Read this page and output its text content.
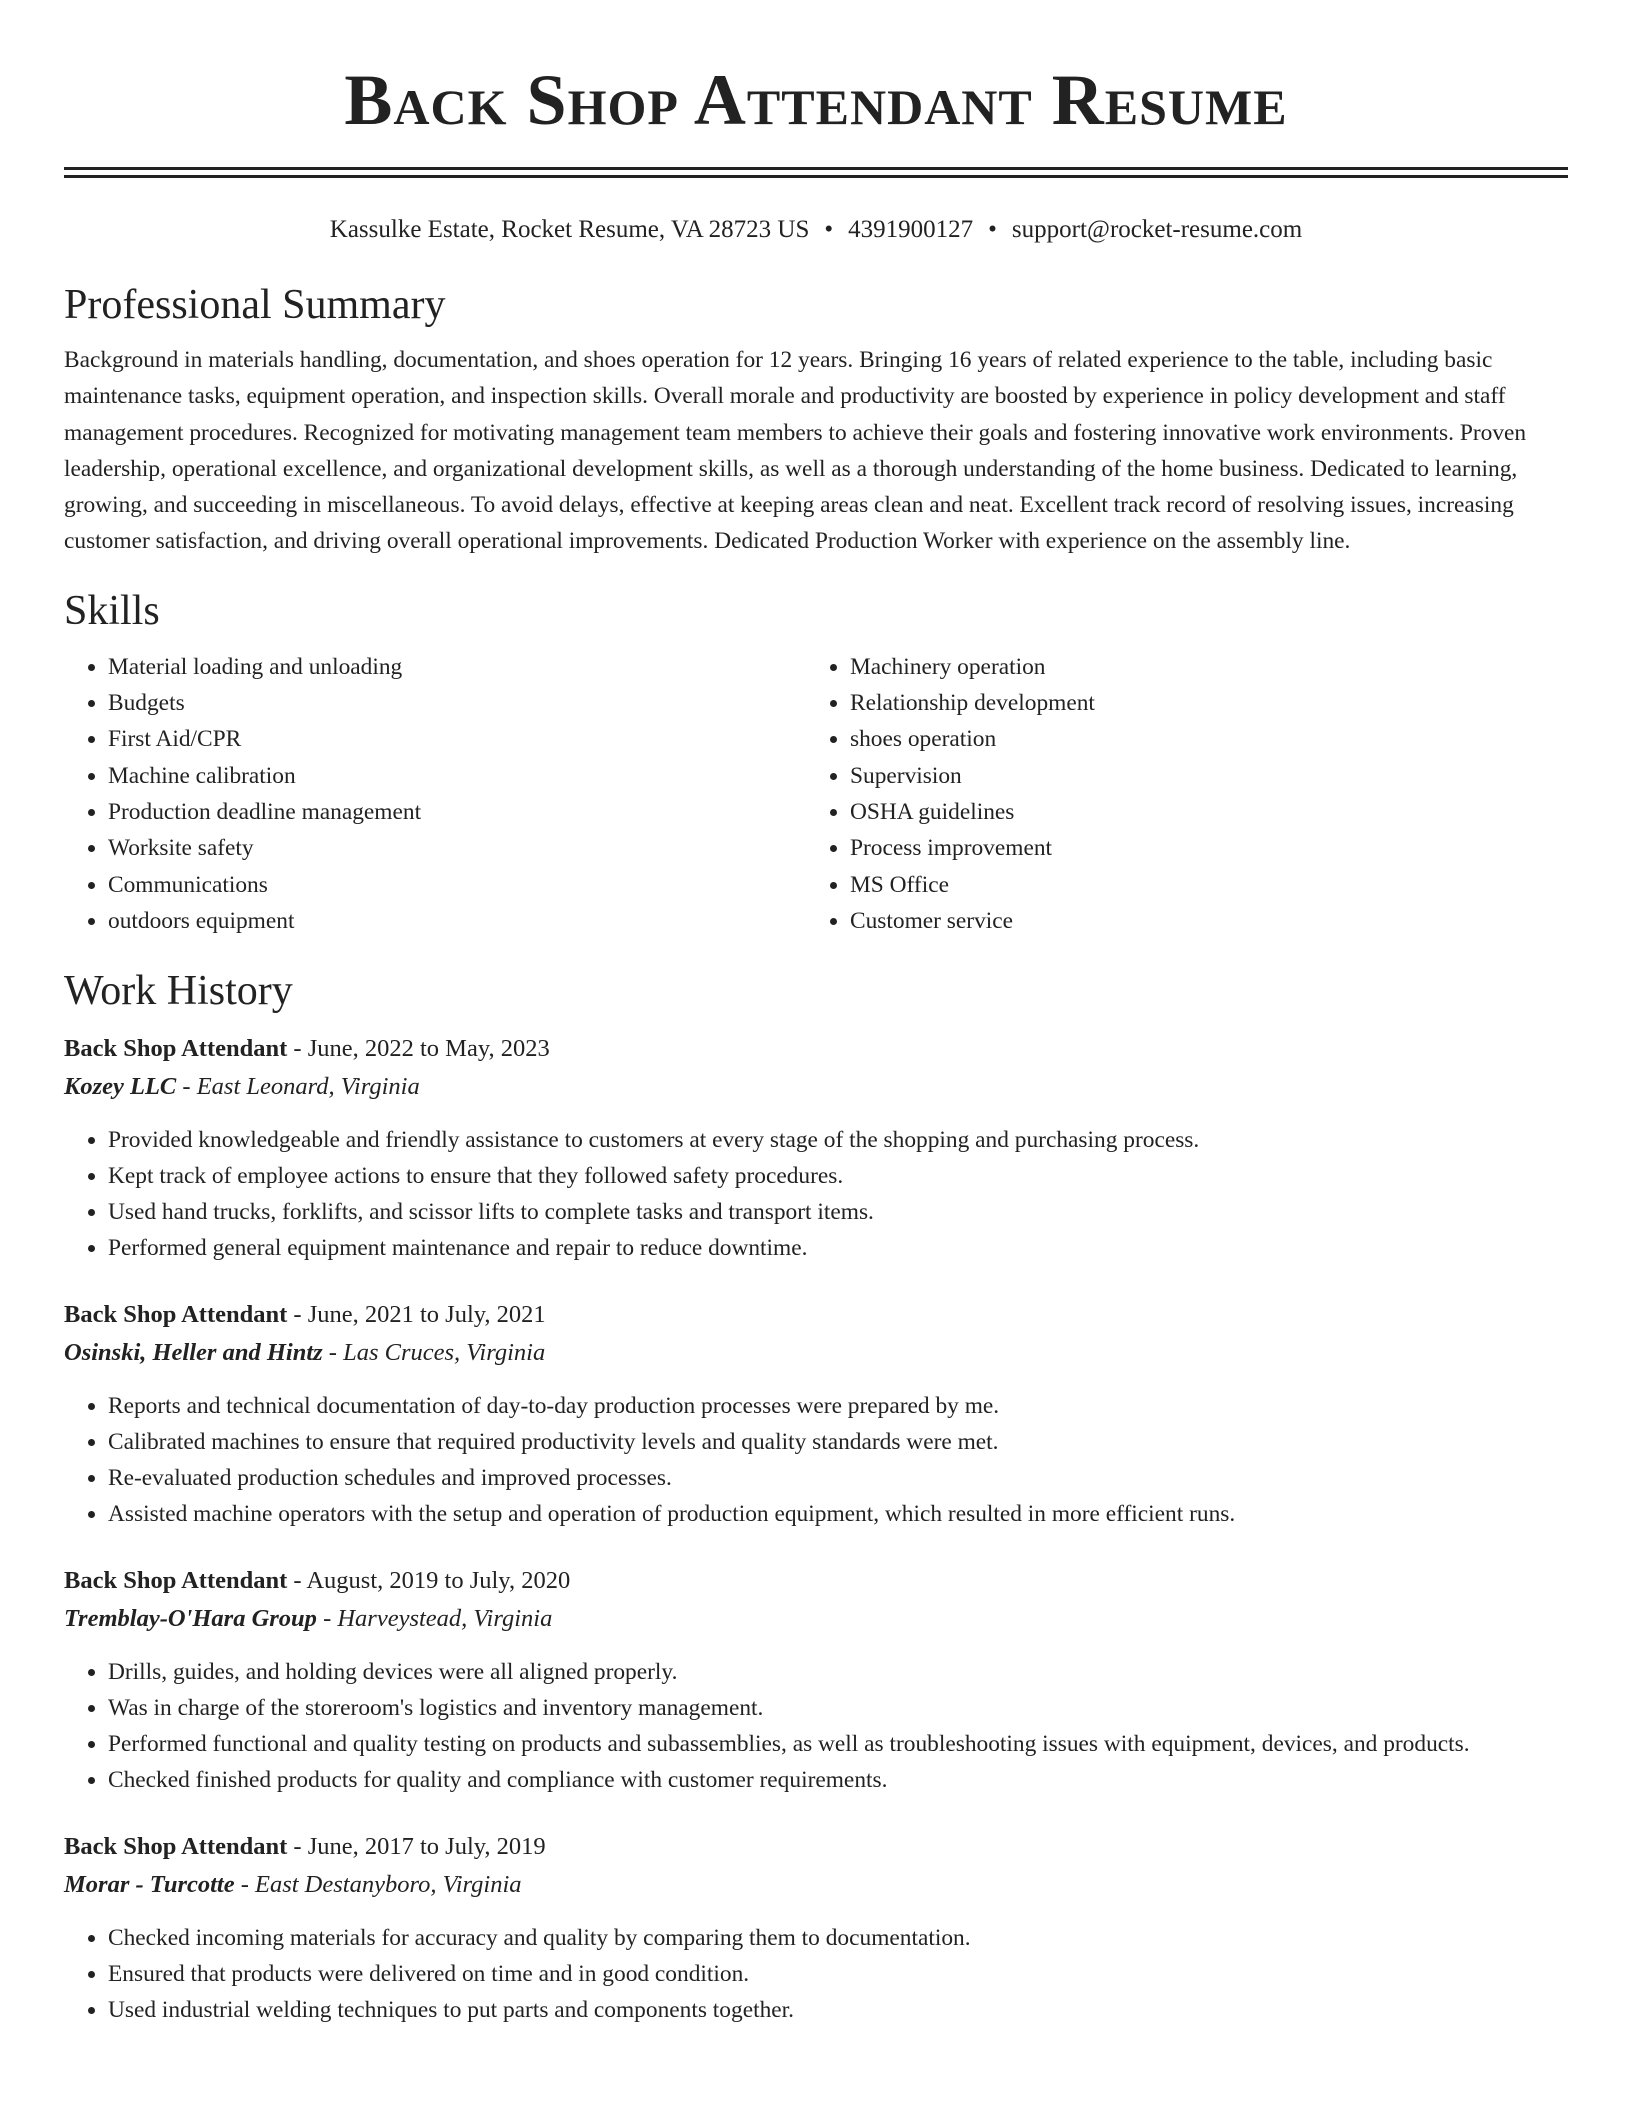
Back Shop Attendant Resume
Kassulke Estate, Rocket Resume, VA 28723 US • 4391900127 • support@rocket-resume.com
Professional Summary

Background in materials handling, documentation, and shoes operation for 12 years. Bringing 16 years of related experience to the table, including basic maintenance tasks, equipment operation, and inspection skills. Overall morale and productivity are boosted by experience in policy development and staff management procedures. Recognized for motivating management team members to achieve their goals and fostering innovative work environments. Proven leadership, operational excellence, and organizational development skills, as well as a thorough understanding of the home business. Dedicated to learning, growing, and succeeding in miscellaneous. To avoid delays, effective at keeping areas clean and neat. Excellent track record of resolving issues, increasing customer satisfaction, and driving overall operational improvements. Dedicated Production Worker with experience on the assembly line.

Skills
• Material loading and unloading
• Budgets
• First Aid/CPR
• Machine calibration
• Production deadline management
• Worksite safety
• Communications
• outdoors equipment
• Machinery operation
• Relationship development
• shoes operation
• Supervision
• OSHA guidelines
• Process improvement
• MS Office
• Customer service
Work History
Back Shop Attendant - June, 2022 to May, 2023
Kozey LLC - East Leonard, Virginia
• Provided knowledgeable and friendly assistance to customers at every stage of the shopping and purchasing process.
• Kept track of employee actions to ensure that they followed safety procedures.
• Used hand trucks, forklifts, and scissor lifts to complete tasks and transport items.
• Performed general equipment maintenance and repair to reduce downtime.
Back Shop Attendant - June, 2021 to July, 2021
Osinski, Heller and Hintz - Las Cruces, Virginia
• Reports and technical documentation of day-to-day production processes were prepared by me.
• Calibrated machines to ensure that required productivity levels and quality standards were met.
• Re-evaluated production schedules and improved processes.
• Assisted machine operators with the setup and operation of production equipment, which resulted in more efficient runs.
Back Shop Attendant - August, 2019 to July, 2020
Tremblay-O'Hara Group - Harveystead, Virginia
• Drills, guides, and holding devices were all aligned properly.
• Was in charge of the storeroom's logistics and inventory management.
• Performed functional and quality testing on products and subassemblies, as well as troubleshooting issues with equipment, devices, and products.
• Checked finished products for quality and compliance with customer requirements.
Back Shop Attendant - June, 2017 to July, 2019
Morar - Turcotte - East Destanyboro, Virginia
• Checked incoming materials for accuracy and quality by comparing them to documentation.
• Ensured that products were delivered on time and in good condition.
• Used industrial welding techniques to put parts and components together.
